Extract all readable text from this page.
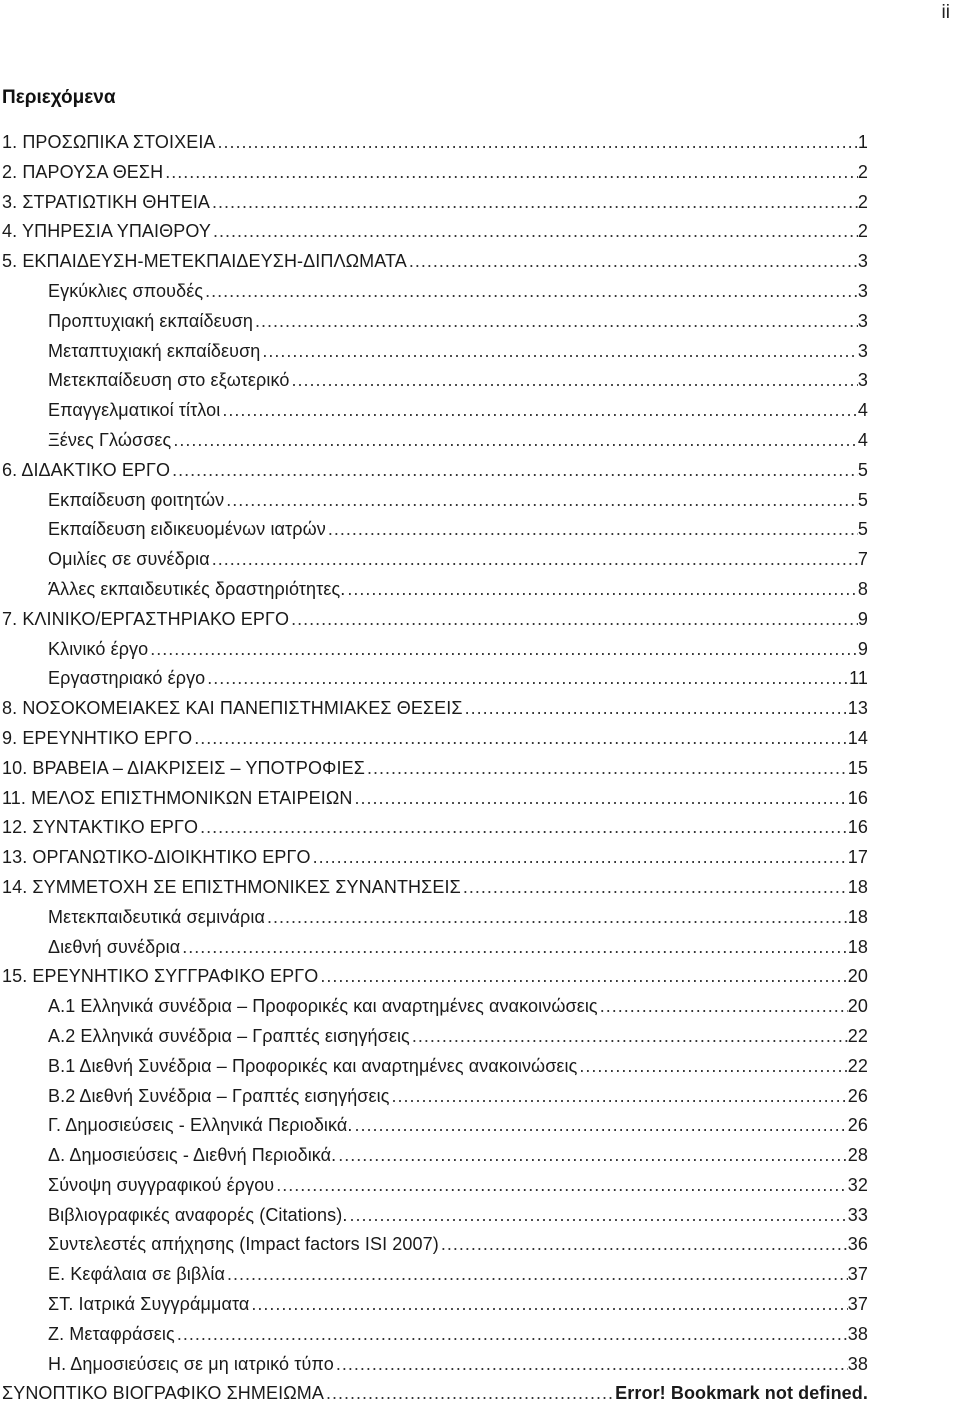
ii
Περιεχόμενα
1. ΠΡΟΣΩΠΙΚΑ ΣΤΟΙΧΕΙΑ .....	1
2. ΠΑΡΟΥΣΑ ΘΕΣΗ .....	2
3. ΣΤΡΑΤΙΩΤΙΚΗ ΘΗΤΕΙΑ .....	2
4. ΥΠΗΡΕΣΙΑ ΥΠΑΙΘΡΟΥ .....	2
5. ΕΚΠΑΙΔΕΥΣΗ-ΜΕΤΕΚΠΑΙΔΕΥΣΗ-ΔΙΠΛΩΜΑΤΑ .....	3
Εγκύκλιες σπουδές .....	3
Προπτυχιακή εκπαίδευση .....	3
Μεταπτυχιακή εκπαίδευση .....	3
Μετεκπαίδευση στο εξωτερικό .....	3
Επαγγελματικοί τίτλοι .....	4
Ξένες Γλώσσες .....	4
6. ΔΙΔΑΚΤΙΚΟ ΕΡΓΟ .....	5
Εκπαίδευση φοιτητών .....	5
Εκπαίδευση ειδικευομένων ιατρών .....	5
Ομιλίες σε συνέδρια .....	7
Άλλες εκπαιδευτικές δραστηριότητες. .....	8
7. ΚΛΙΝΙΚΟ/ΕΡΓΑΣΤΗΡΙΑΚΟ ΕΡΓΟ .....	9
Κλινικό έργο .....	9
Εργαστηριακό έργο .....	11
8. ΝΟΣΟΚΟΜΕΙΑΚΕΣ ΚΑΙ ΠΑΝΕΠΙΣΤΗΜΙΑΚΕΣ ΘΕΣΕΙΣ .....	13
9. ΕΡΕΥΝΗΤΙΚΟ ΕΡΓΟ .....	14
10. ΒΡΑΒΕΙΑ – ΔΙΑΚΡΙΣΕΙΣ – ΥΠΟΤΡΟΦΙΕΣ .....	15
11. ΜΕΛΟΣ ΕΠΙΣΤΗΜΟΝΙΚΩΝ ΕΤΑΙΡΕΙΩΝ .....	16
12. ΣΥΝΤΑΚΤΙΚΟ ΕΡΓΟ .....	16
13. ΟΡΓΑΝΩΤΙΚΟ-ΔΙΟΙΚΗΤΙΚΟ ΕΡΓΟ .....	17
14. ΣΥΜΜΕΤΟΧΗ ΣΕ ΕΠΙΣΤΗΜΟΝΙΚΕΣ ΣΥΝΑΝΤΗΣΕΙΣ .....	18
Μετεκπαιδευτικά σεμινάρια .....	18
Διεθνή συνέδρια .....	18
15. ΕΡΕΥΝΗΤΙΚΟ ΣΥΓΓΡΑΦΙΚΟ ΕΡΓΟ .....	20
Α.1 Ελληνικά συνέδρια – Προφορικές και αναρτημένες ανακοινώσεις .....	20
Α.2 Ελληνικά συνέδρια – Γραπτές εισηγήσεις .....	22
Β.1 Διεθνή Συνέδρια – Προφορικές και αναρτημένες ανακοινώσεις .....	22
Β.2 Διεθνή Συνέδρια – Γραπτές εισηγήσεις .....	26
Γ. Δημοσιεύσεις - Ελληνικά Περιοδικά. .....	26
Δ. Δημοσιεύσεις - Διεθνή Περιοδικά. .....	28
Σύνοψη συγγραφικού έργου .....	32
Βιβλιογραφικές αναφορές (Citations). .....	33
Συντελεστές απήχησης (Impact factors ISI 2007) .....	36
Ε. Κεφάλαια σε βιβλία .....	37
ΣΤ. Ιατρικά Συγγράμματα .....	37
Ζ. Μεταφράσεις .....	38
Η. Δημοσιεύσεις σε μη ιατρικό τύπο .....	38
ΣΥΝΟΠΤΙΚΟ ΒΙΟΓΡΑΦΙΚΟ ΣΗΜΕΙΩΜΑ .....	Error! Bookmark not defined.
